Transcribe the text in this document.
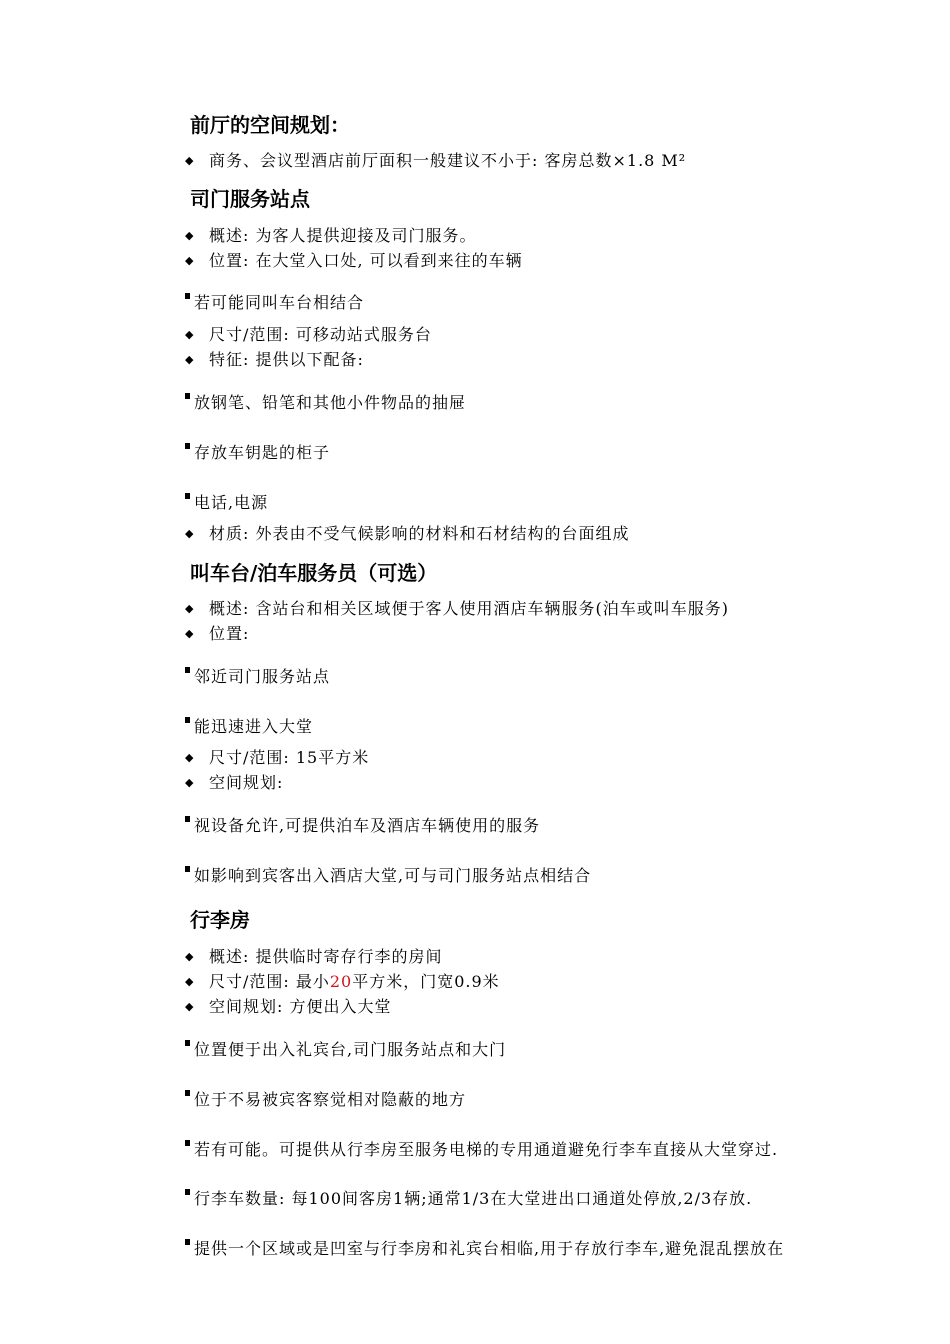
前厅的空间规划：
◆ 商务、会议型酒店前厅面积一般建议不小于: 客房总数×1.8 M²
司门服务站点
◆ 概述: 为客人提供迎接及司门服务。
◆ 位置: 在大堂入口处, 可以看到来往的车辆
若可能同叫车台相结合
◆ 尺寸/范围: 可移动站式服务台
◆ 特征: 提供以下配备:
放钢笔、铅笔和其他小件物品的抽屉
存放车钥匙的柜子
电话,电源
◆ 材质: 外表由不受气候影响的材料和石材结构的台面组成
叫车台/泊车服务员（可选）
◆ 概述: 含站台和相关区域便于客人使用酒店车辆服务(泊车或叫车服务)
◆ 位置:
邻近司门服务站点
能迅速进入大堂
◆ 尺寸/范围: 15平方米
◆ 空间规划:
视设备允许,可提供泊车及酒店车辆使用的服务
如影响到宾客出入酒店大堂,可与司门服务站点相结合
行李房
◆ 概述: 提供临时寄存行李的房间
◆ 尺寸/范围: 最小20平方米，门宽0.9米
◆ 空间规划: 方便出入大堂
位置便于出入礼宾台,司门服务站点和大门
位于不易被宾客察觉相对隐蔽的地方
若有可能。可提供从行李房至服务电梯的专用通道避免行李车直接从大堂穿过.
行李车数量: 每100间客房1辆;通常1/3在大堂进出口通道处停放,2/3存放.
提供一个区域或是凹室与行李房和礼宾台相临,用于存放行李车,避免混乱摆放在
